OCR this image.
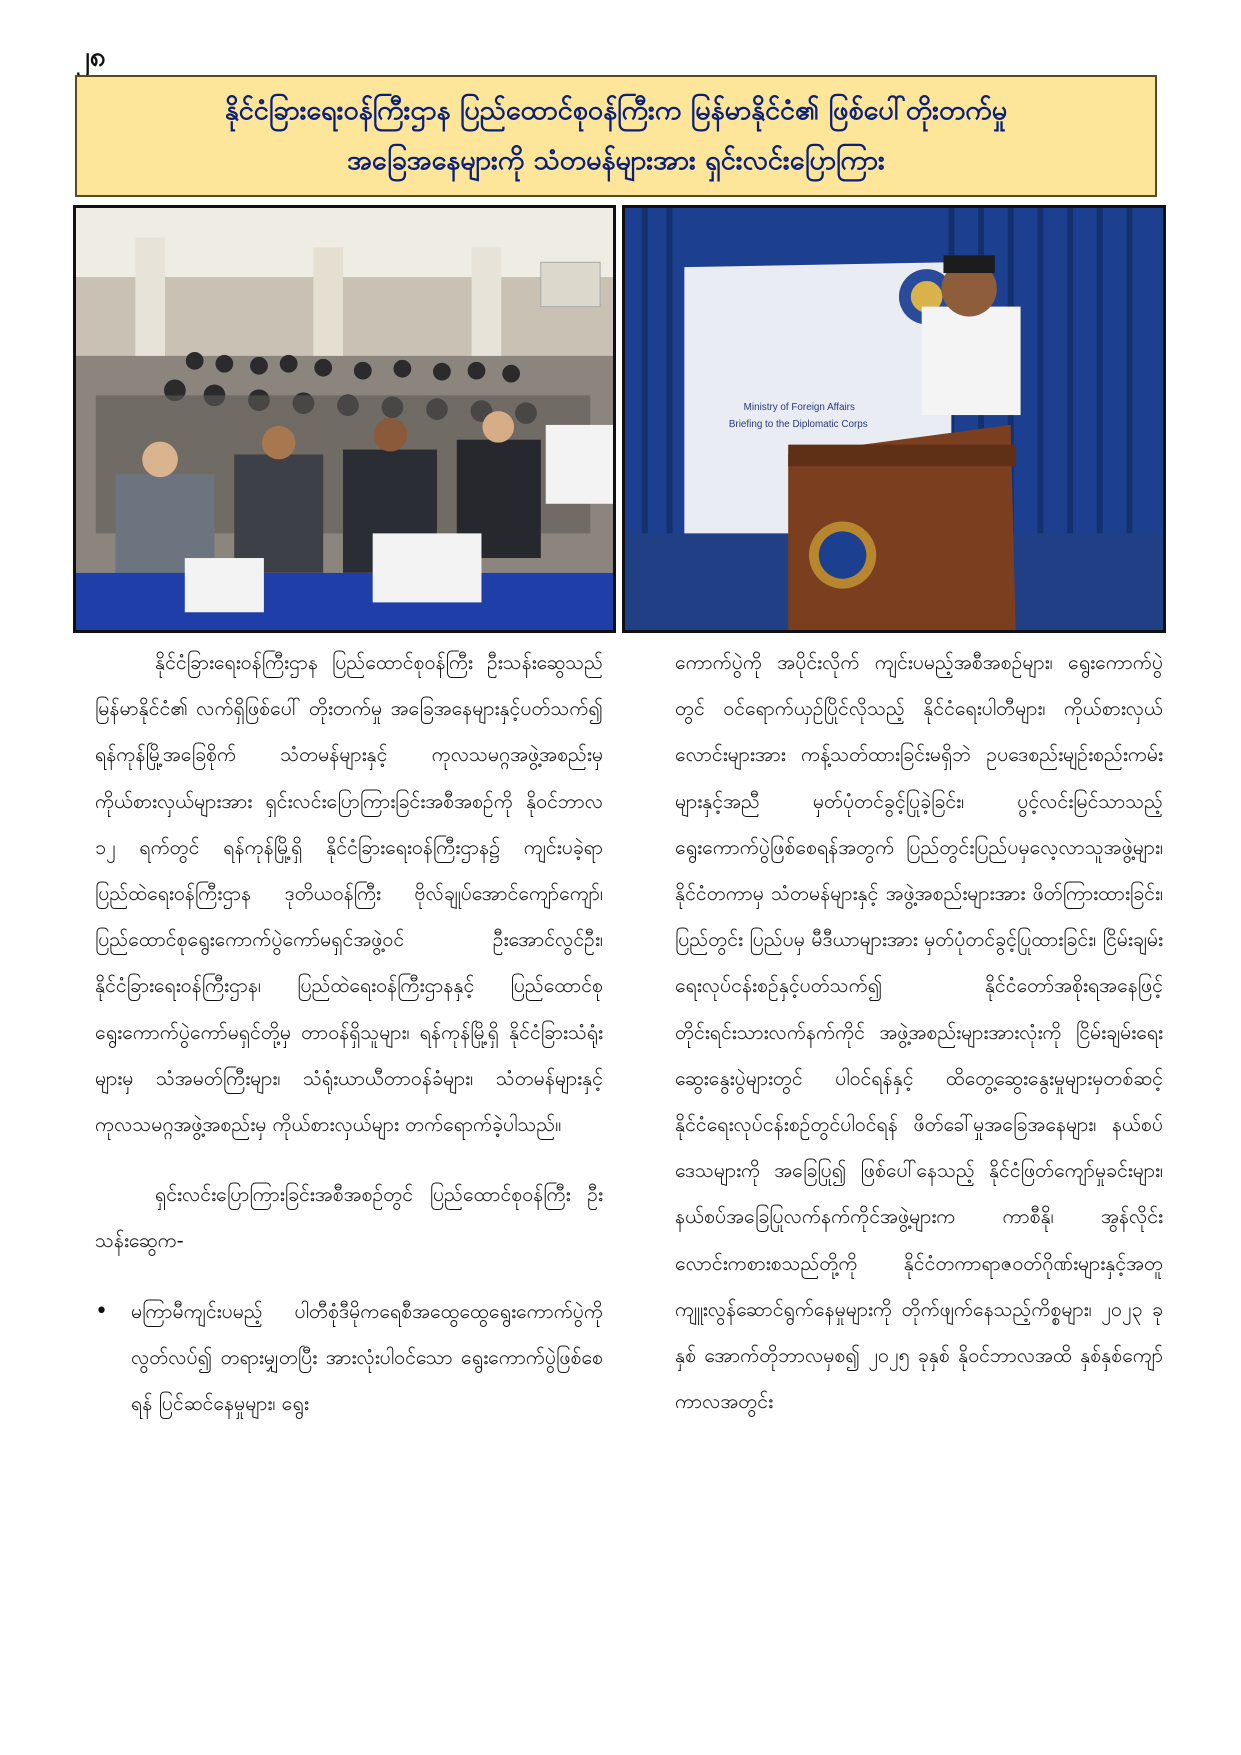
၂၈
နိုင်ငံခြားရေးဝန်ကြီးဌာန ပြည်ထောင်စုဝန်ကြီးက မြန်မာနိုင်ငံ၏ ဖြစ်ပေါ်တိုးတက်မှု
အခြေအနေများကို သံတမန်များအား ရှင်းလင်းပြောကြား
Ministry of Foreign Affairs
Briefing to the Diplomatic Corps

နိုင်ငံခြားရေးဝန်ကြီးဌာန ပြည်ထောင်စုဝန်ကြီး ဦးသန်းဆွေသည် မြန်မာနိုင်ငံ၏ လက်ရှိဖြစ်ပေါ် တိုးတက်မှု အခြေအနေများနှင့်ပတ်သက်၍ ရန်ကုန်မြို့အခြေစိုက် သံတမန်များနှင့် ကုလသမဂ္ဂအဖွဲ့အစည်းမှ ကိုယ်စားလှယ်များအား ရှင်းလင်းပြောကြားခြင်းအစီအစဉ်ကို နိုဝင်ဘာလ ၁၂ ရက်တွင် ရန်ကုန်မြို့ရှိ နိုင်ငံခြားရေးဝန်ကြီးဌာန၌ ကျင်းပခဲ့ရာ ပြည်ထဲရေးဝန်ကြီးဌာန ဒုတိယဝန်ကြီး ဗိုလ်ချုပ်အောင်ကျော်ကျော်၊ ပြည်ထောင်စုရွေးကောက်ပွဲကော်မရှင်အဖွဲ့ဝင် ဦးအောင်လွင်ဦး၊ နိုင်ငံခြားရေးဝန်ကြီးဌာန၊ ပြည်ထဲရေးဝန်ကြီးဌာနနှင့် ပြည်ထောင်စုရွေးကောက်ပွဲကော်မရှင်တို့မှ တာဝန်ရှိသူများ၊ ရန်ကုန်မြို့ရှိ နိုင်ငံခြားသံရုံးများမှ သံအမတ်ကြီးများ၊ သံရုံးယာယီတာဝန်ခံများ၊ သံတမန်များနှင့် ကုလသမဂ္ဂအဖွဲ့အစည်းမှ ကိုယ်စားလှယ်များ တက်ရောက်ခဲ့ပါသည်။

ရှင်းလင်းပြောကြားခြင်းအစီအစဉ်တွင် ပြည်ထောင်စုဝန်ကြီး ဦးသန်းဆွေက-

•	မကြာမီကျင်းပမည့် ပါတီစုံဒီမိုကရေစီအထွေထွေရွေးကောက်ပွဲကို လွတ်လပ်၍ တရားမျှတပြီး အားလုံးပါဝင်သော ရွေးကောက်ပွဲဖြစ်စေရန် ပြင်ဆင်နေမှုများ၊ ရွေး

ကောက်ပွဲကို အပိုင်းလိုက် ကျင်းပမည့်အစီအစဉ်များ၊ ရွေးကောက်ပွဲတွင် ဝင်ရောက်ယှဉ်ပြိုင်လိုသည့် နိုင်ငံရေးပါတီများ၊ ကိုယ်စားလှယ်လောင်းများအား ကန့်သတ်ထားခြင်းမရှိဘဲ ဥပဒေစည်းမျဉ်းစည်းကမ်းများနှင့်အညီ မှတ်ပုံတင်ခွင့်ပြုခဲ့ခြင်း၊ ပွင့်လင်းမြင်သာသည့် ရွေးကောက်ပွဲဖြစ်စေရန်အတွက် ပြည်တွင်းပြည်ပမှလေ့လာသူအဖွဲ့များ၊ နိုင်ငံတကာမှ သံတမန်များနှင့် အဖွဲ့အစည်းများအား ဖိတ်ကြားထားခြင်း၊ ပြည်တွင်း ပြည်ပမှ မီဒီယာများအား မှတ်ပုံတင်ခွင့်ပြုထားခြင်း၊ ငြိမ်းချမ်းရေးလုပ်ငန်းစဉ်နှင့်ပတ်သက်၍ နိုင်ငံတော်အစိုးရအနေဖြင့် တိုင်းရင်းသားလက်နက်ကိုင် အဖွဲ့အစည်းများအားလုံးကို ငြိမ်းချမ်းရေးဆွေးနွေးပွဲများတွင် ပါဝင်ရန်နှင့် ထိတွေ့ဆွေးနွေးမှုများမှတစ်ဆင့် နိုင်ငံရေးလုပ်ငန်းစဉ်တွင်ပါဝင်ရန် ဖိတ်ခေါ်မှုအခြေအနေများ၊ နယ်စပ်ဒေသများကို အခြေပြု၍ ဖြစ်ပေါ်နေသည့် နိုင်ငံဖြတ်ကျော်မှုခင်းများ၊ နယ်စပ်အခြေပြုလက်နက်ကိုင်အဖွဲ့များက ကာစီနို၊ အွန်လိုင်းလောင်းကစားစသည်တို့ကို နိုင်ငံတကာရာဇဝတ်ဂိုဏ်းများနှင့်အတူ ကျူးလွန်ဆောင်ရွက်နေမှုများကို တိုက်ဖျက်နေသည့်ကိစ္စများ၊ ၂၀၂၃ ခုနှစ် အောက်တိုဘာလမှစ၍ ၂၀၂၅ ခုနှစ် နိုဝင်ဘာလအထိ နှစ်နှစ်ကျော်ကာလအတွင်း
